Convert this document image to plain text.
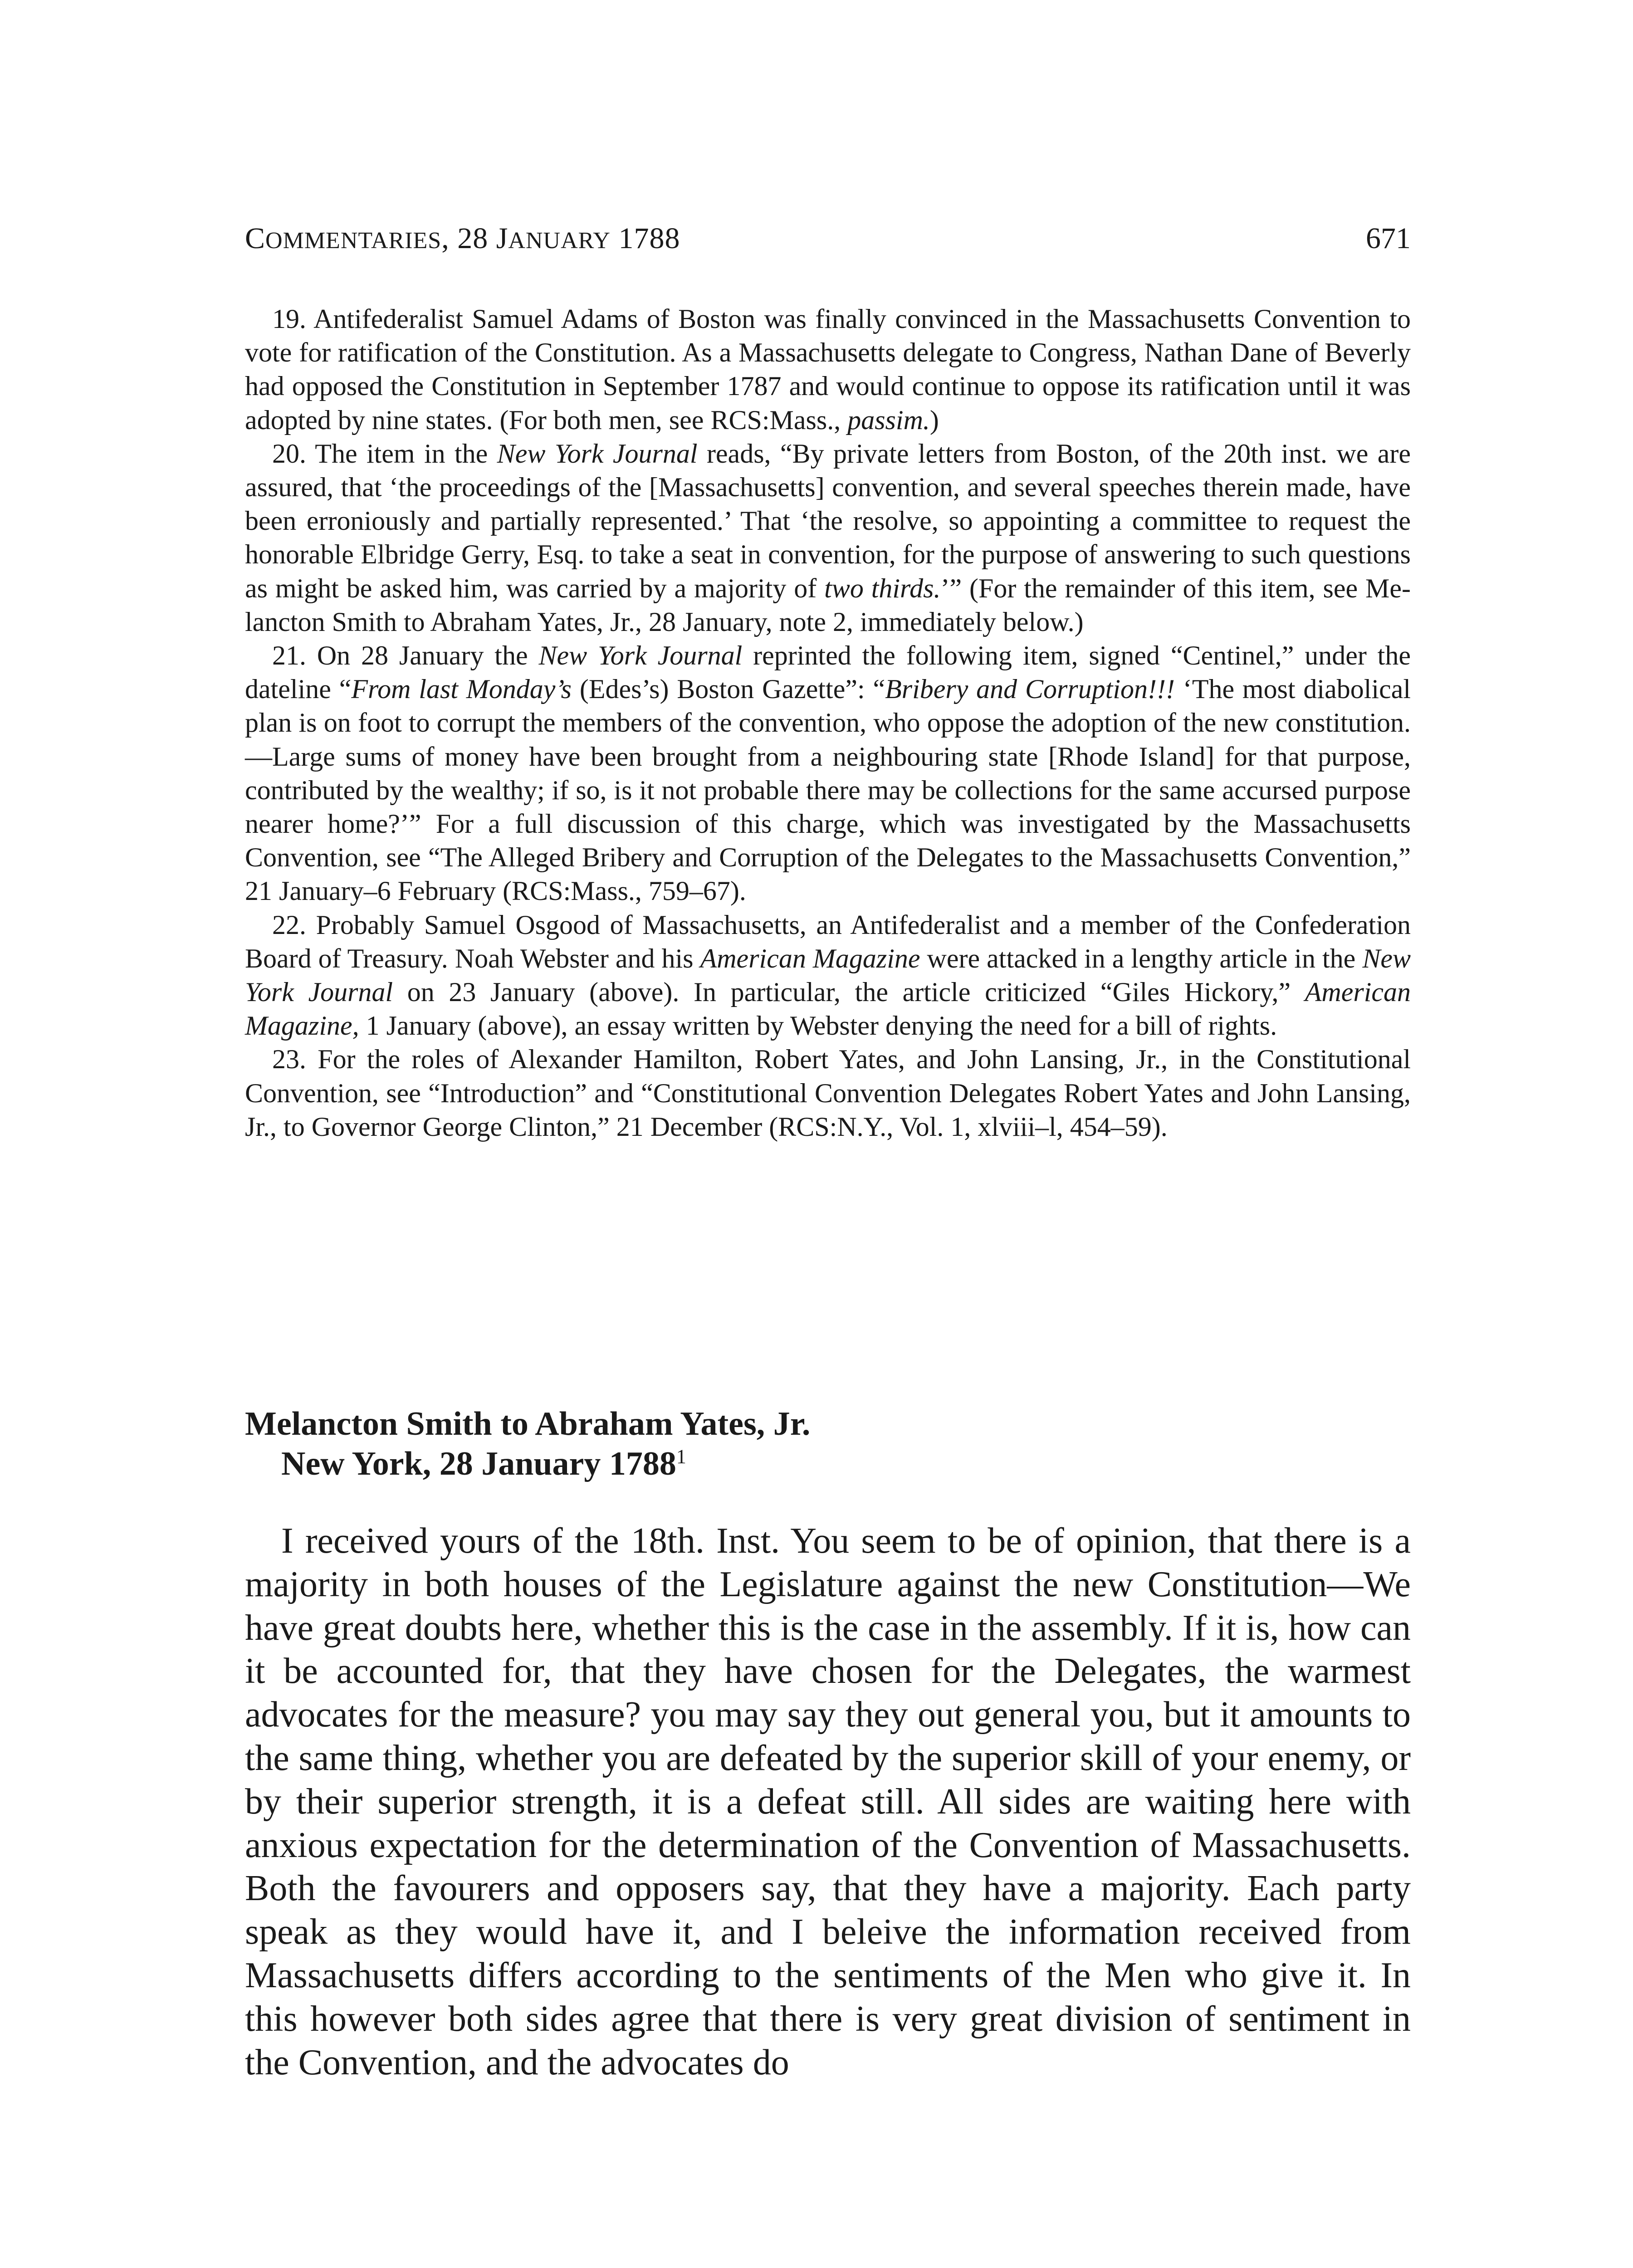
COMMENTARIES, 28 JANUARY 1788	671

19. Antifederalist Samuel Adams of Boston was finally convinced in the Massachusetts Convention to vote for ratification of the Constitution. As a Massachusetts delegate to Congress, Nathan Dane of Beverly had opposed the Constitution in September 1787 and would continue to oppose its ratification until it was adopted by nine states. (For both men, see RCS:Mass., passim.)

20. The item in the New York Journal reads, “By private letters from Boston, of the 20th inst. we are assured, that ‘the proceedings of the [Massachusetts] convention, and several speeches therein made, have been erroniously and partially represented.’ That ‘the resolve, so appointing a committee to request the honorable Elbridge Gerry, Esq. to take a seat in convention, for the purpose of answering to such questions as might be asked him, was carried by a majority of two thirds.’” (For the remainder of this item, see Melancton Smith to Abraham Yates, Jr., 28 January, note 2, immediately below.)

21. On 28 January the New York Journal reprinted the following item, signed “Centinel,” under the dateline “From last Monday’s (Edes’s) Boston Gazette”: “Bribery and Corruption!!! ‘The most diabolical plan is on foot to corrupt the members of the convention, who oppose the adoption of the new constitution.—Large sums of money have been brought from a neighbouring state [Rhode Island] for that purpose, contributed by the wealthy; if so, is it not probable there may be collections for the same accursed purpose nearer home?’” For a full discussion of this charge, which was investigated by the Massachusetts Convention, see “The Alleged Bribery and Corruption of the Delegates to the Massachusetts Convention,” 21 January–6 February (RCS:Mass., 759–67).

22. Probably Samuel Osgood of Massachusetts, an Antifederalist and a member of the Confederation Board of Treasury. Noah Webster and his American Magazine were attacked in a lengthy article in the New York Journal on 23 January (above). In particular, the article criticized “Giles Hickory,” American Magazine, 1 January (above), an essay written by Webster denying the need for a bill of rights.

23. For the roles of Alexander Hamilton, Robert Yates, and John Lansing, Jr., in the Constitutional Convention, see “Introduction” and “Constitutional Convention Delegates Robert Yates and John Lansing, Jr., to Governor George Clinton,” 21 December (RCS:N.Y., Vol. 1, xlviii–l, 454–59).

Melancton Smith to Abraham Yates, Jr.
New York, 28 January 1788$^1$

I received yours of the 18th. Inst. You seem to be of opinion, that there is a majority in both houses of the Legislature against the new Constitution—We have great doubts here, whether this is the case in the assembly. If it is, how can it be accounted for, that they have chosen for the Delegates, the warmest advocates for the measure? you may say they out general you, but it amounts to the same thing, whether you are defeated by the superior skill of your enemy, or by their superior strength, it is a defeat still. All sides are waiting here with anxious expectation for the determination of the Convention of Massachusetts. Both the favourers and opposers say, that they have a majority. Each party speak as they would have it, and I beleive the information received from Massachusetts differs according to the sentiments of the Men who give it. In this however both sides agree that there is very great division of sentiment in the Convention, and the advocates do
